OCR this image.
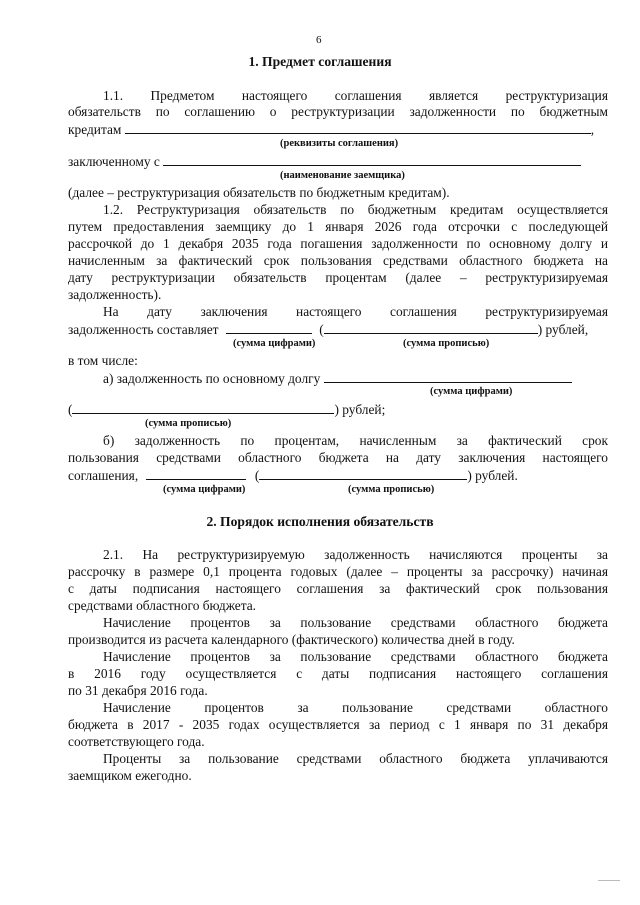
6
1. Предмет соглашения
1.1. Предметом настоящего соглашения является реструктуризация
обязательств по соглашению о реструктуризации задолженности по бюджетным
кредитам	,
(реквизиты соглашения)
заключенному с
(наименование заемщика)
(далее – реструктуризация обязательств по бюджетным кредитам).
1.2. Реструктуризация обязательств по бюджетным кредитам осуществляется
путем предоставления заемщику до 1 января 2026 года отсрочки с последующей
рассрочкой до 1 декабря 2035 года погашения задолженности по основному долгу и
начисленным за фактический срок пользования средствами областного бюджета на
дату реструктуризации обязательств процентам (далее – реструктуризируемая
задолженность).
На дату заключения настоящего соглашения реструктуризируемая
задолженность составляет	(	) рублей,
(сумма цифрами)	(сумма прописью)
в том числе:
а) задолженность по основному долгу
(сумма цифрами)
(	) рублей;
(сумма прописью)
б) задолженность по процентам, начисленным за фактический срок
пользования средствами областного бюджета на дату заключения настоящего
соглашения,	(	) рублей.
(сумма цифрами)	(сумма прописью)
2. Порядок исполнения обязательств
2.1. На реструктуризируемую задолженность начисляются проценты за
рассрочку в размере 0,1 процента годовых (далее – проценты за рассрочку) начиная
с даты подписания настоящего соглашения за фактический срок пользования
средствами областного бюджета.
Начисление процентов за пользование средствами областного бюджета
производится из расчета календарного (фактического) количества дней в году.
Начисление процентов за пользование средствами областного бюджета
в 2016 году осуществляется с даты подписания настоящего соглашения
по 31 декабря 2016 года.
Начисление процентов за пользование средствами областного
бюджета в 2017 - 2035 годах осуществляется за период с 1 января по 31 декабря
соответствующего года.
Проценты за пользование средствами областного бюджета уплачиваются
заемщиком ежегодно.
